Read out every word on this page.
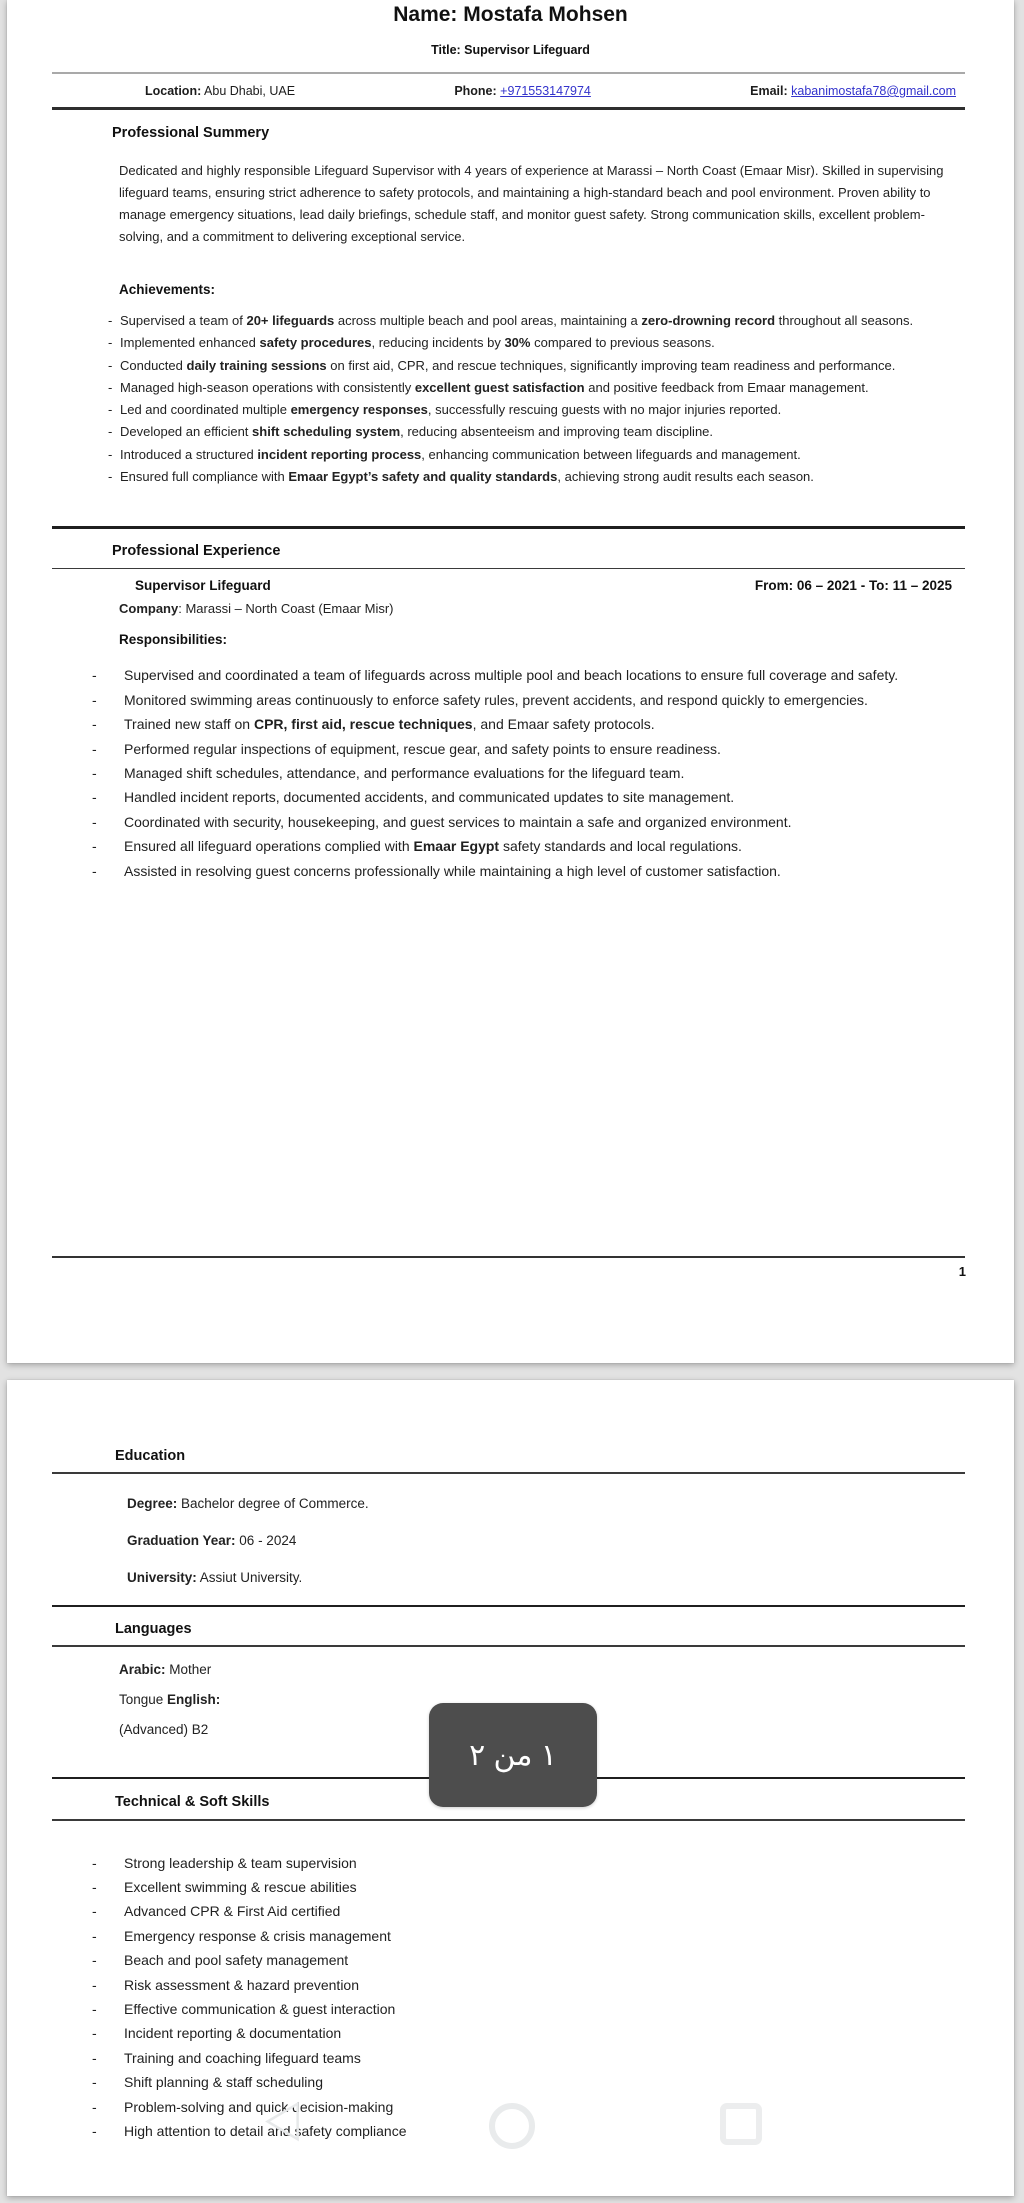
Name: Mostafa Mohsen
Title: Supervisor Lifeguard
Location: Abu Dhabi, UAE	Phone: +971553147974	Email: kabanimostafa78@gmail.com
Professional Summery
Dedicated and highly responsible Lifeguard Supervisor with 4 years of experience at Marassi – North Coast (Emaar Misr). Skilled in supervising lifeguard teams, ensuring strict adherence to safety protocols, and maintaining a high-standard beach and pool environment. Proven ability to manage emergency situations, lead daily briefings, schedule staff, and monitor guest safety. Strong communication skills, excellent problem-solving, and a commitment to delivering exceptional service.
Achievements:
- Supervised a team of 20+ lifeguards across multiple beach and pool areas, maintaining a zero-drowning record throughout all seasons.
- Implemented enhanced safety procedures, reducing incidents by 30% compared to previous seasons.
- Conducted daily training sessions on first aid, CPR, and rescue techniques, significantly improving team readiness and performance.
- Managed high-season operations with consistently excellent guest satisfaction and positive feedback from Emaar management.
- Led and coordinated multiple emergency responses, successfully rescuing guests with no major injuries reported.
- Developed an efficient shift scheduling system, reducing absenteeism and improving team discipline.
- Introduced a structured incident reporting process, enhancing communication between lifeguards and management.
- Ensured full compliance with Emaar Egypt’s safety and quality standards, achieving strong audit results each season.
Professional Experience
Supervisor Lifeguard	From: 06 – 2021 - To: 11 – 2025
Company: Marassi – North Coast (Emaar Misr)
Responsibilities:
-	Supervised and coordinated a team of lifeguards across multiple pool and beach locations to ensure full coverage and safety.
-	Monitored swimming areas continuously to enforce safety rules, prevent accidents, and respond quickly to emergencies.
-	Trained new staff on CPR, first aid, rescue techniques, and Emaar safety protocols.
-	Performed regular inspections of equipment, rescue gear, and safety points to ensure readiness.
-	Managed shift schedules, attendance, and performance evaluations for the lifeguard team.
-	Handled incident reports, documented accidents, and communicated updates to site management.
-	Coordinated with security, housekeeping, and guest services to maintain a safe and organized environment.
-	Ensured all lifeguard operations complied with Emaar Egypt safety standards and local regulations.
-	Assisted in resolving guest concerns professionally while maintaining a high level of customer satisfaction.
1
Education
Degree: Bachelor degree of Commerce.
Graduation Year: 06 - 2024
University: Assiut University.
Languages
Arabic: Mother
Tongue English:
(Advanced) B2
Technical & Soft Skills
-	Strong leadership & team supervision
-	Excellent swimming & rescue abilities
-	Advanced CPR & First Aid certified
-	Emergency response & crisis management
-	Beach and pool safety management
-	Risk assessment & hazard prevention
-	Effective communication & guest interaction
-	Incident reporting & documentation
-	Training and coaching lifeguard teams
-	Shift planning & staff scheduling
-	Problem-solving and quick decision-making
-	High attention to detail and safety compliance
١ من ٢
◁
